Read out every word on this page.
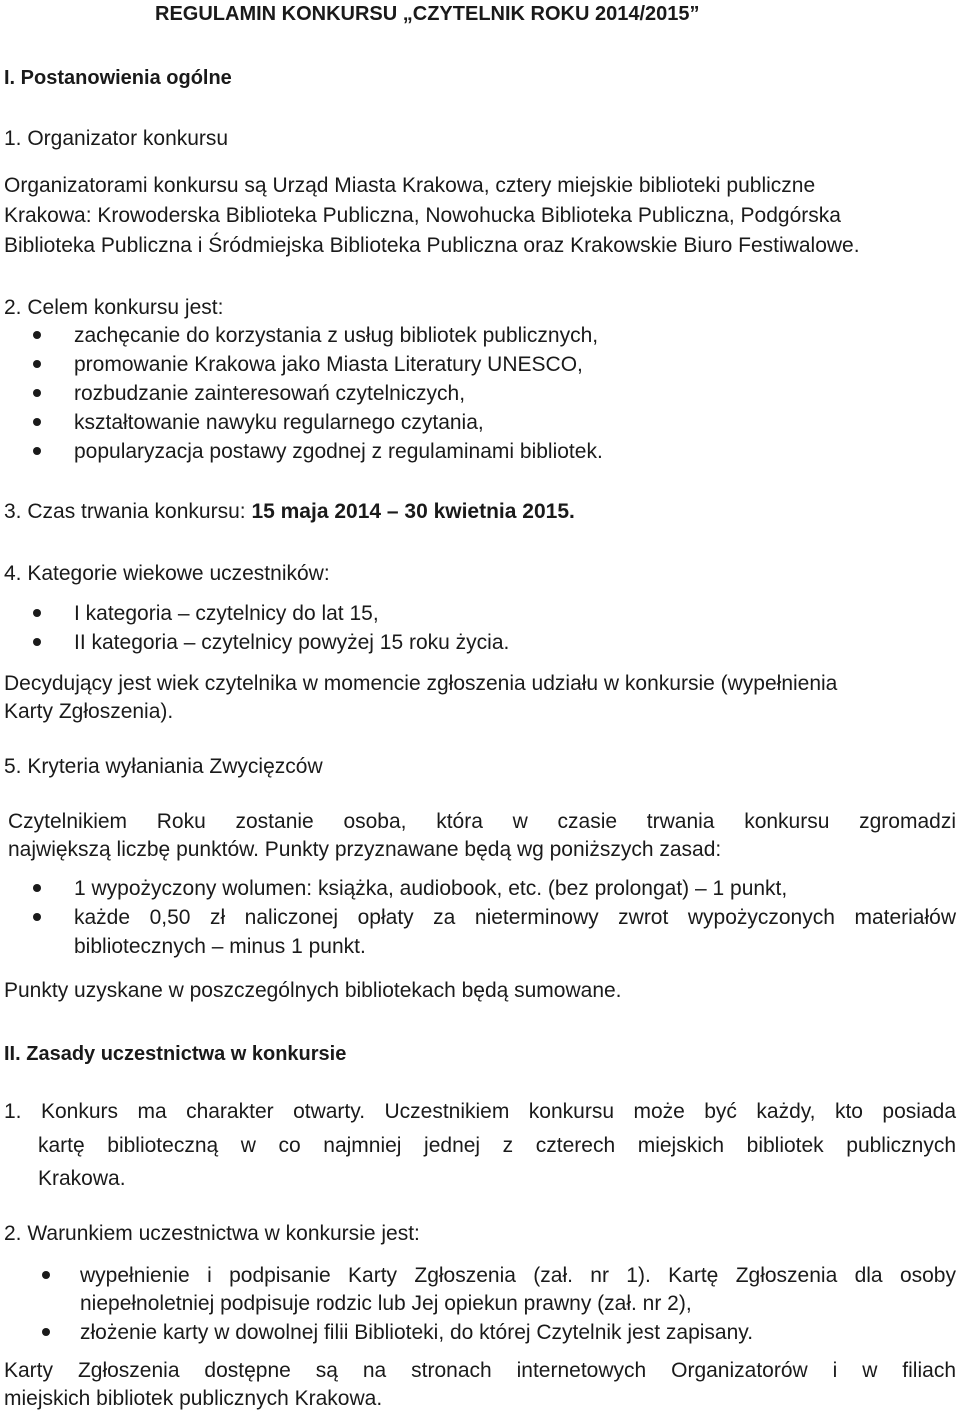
REGULAMIN KONKURSU „CZYTELNIK ROKU 2014/2015”
I. Postanowienia ogólne
1. Organizator konkursu
Organizatorami konkursu są Urząd Miasta Krakowa, cztery miejskie biblioteki publiczne
Krakowa: Krowoderska Biblioteka Publiczna, Nowohucka Biblioteka Publiczna, Podgórska
Biblioteka Publiczna i Śródmiejska Biblioteka Publiczna oraz Krakowskie Biuro Festiwalowe.
2. Celem konkursu jest:
zachęcanie do korzystania z usług bibliotek publicznych,
promowanie Krakowa jako Miasta Literatury UNESCO,
rozbudzanie zainteresowań czytelniczych,
kształtowanie nawyku regularnego czytania,
popularyzacja postawy zgodnej z regulaminami bibliotek.
3. Czas trwania konkursu: 15 maja 2014 – 30 kwietnia 2015.
4. Kategorie wiekowe uczestników:
I kategoria – czytelnicy do lat 15,
II kategoria – czytelnicy powyżej 15 roku życia.
Decydujący jest wiek czytelnika w momencie zgłoszenia udziału w konkursie (wypełnienia
Karty Zgłoszenia).
5. Kryteria wyłaniania Zwycięzców
Czytelnikiem Roku zostanie osoba, która w czasie trwania konkursu zgromadzi
największą liczbę punktów. Punkty przyznawane będą wg poniższych zasad:
1 wypożyczony wolumen: książka, audiobook, etc. (bez prolongat) – 1 punkt,
każde 0,50 zł naliczonej opłaty za nieterminowy zwrot wypożyczonych materiałów
bibliotecznych – minus 1 punkt.
Punkty uzyskane w poszczególnych bibliotekach będą sumowane.
II. Zasady uczestnictwa w konkursie
1. Konkurs ma charakter otwarty. Uczestnikiem konkursu może być każdy, kto posiada
kartę biblioteczną w co najmniej jednej z czterech miejskich bibliotek publicznych
Krakowa.
2. Warunkiem uczestnictwa w konkursie jest:
wypełnienie i podpisanie Karty Zgłoszenia (zał. nr 1). Kartę Zgłoszenia dla osoby
niepełnoletniej podpisuje rodzic lub Jej opiekun prawny (zał. nr 2),
złożenie karty w dowolnej filii Biblioteki, do której Czytelnik jest zapisany.
Karty Zgłoszenia dostępne są na stronach internetowych Organizatorów i w filiach
miejskich bibliotek publicznych Krakowa.
